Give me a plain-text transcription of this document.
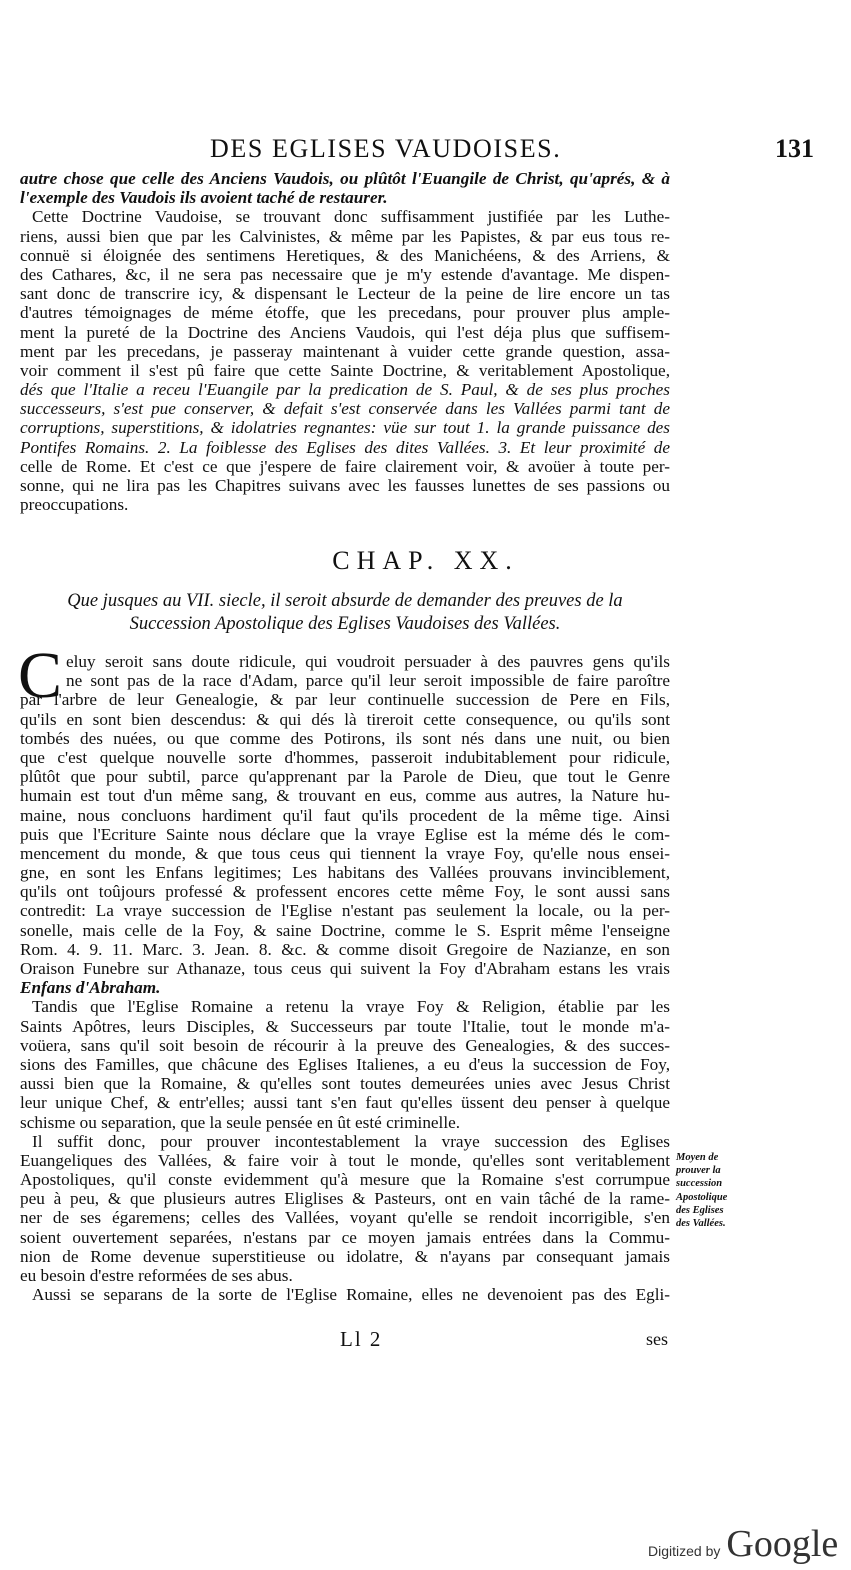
DES EGLISES VAUDOISES.	131
autre chose que celle des Anciens Vaudois, ou plûtôt l'Euangile de Christ, qu'aprés, & à
l'exemple des Vaudois ils avoient taché de restaurer.
Cette Doctrine Vaudoise, se trouvant donc suffisamment justifiée par les Luthe-
riens, aussi bien que par les Calvinistes, & même par les Papistes, & par eus tous re-
connuë si éloignée des sentimens Heretiques, & des Manichéens, & des Arriens, &
des Cathares, &c, il ne sera pas necessaire que je m'y estende d'avantage. Me dispen-
sant donc de transcrire icy, & dispensant le Lecteur de la peine de lire encore un tas
d'autres témoignages de méme étoffe, que les precedans, pour prouver plus ample-
ment la pureté de la Doctrine des Anciens Vaudois, qui l'est déja plus que suffisem-
ment par les precedans, je passeray maintenant à vuider cette grande question, assa-
voir comment il s'est pû faire que cette Sainte Doctrine, & veritablement Apostolique,
dés que l'Italie a receu l'Euangile par la predication de S. Paul, & de ses plus proches
successeurs, s'est pue conserver, & defait s'est conservée dans les Vallées parmi tant de
corruptions, superstitions, & idolatries regnantes: vüe sur tout 1. la grande puissance des
Pontifes Romains. 2. La foiblesse des Eglises des dites Vallées. 3. Et leur proximité de
celle de Rome. Et c'est ce que j'espere de faire clairement voir, & avoüer à toute per-
sonne, qui ne lira pas les Chapitres suivans avec les fausses lunettes de ses passions ou
preoccupations.
CHAP. XX.
Que jusques au VII. siecle, il seroit absurde de demander des preuves de la
Succession Apostolique des Eglises Vaudoises des Vallées.
C eluy seroit sans doute ridicule, qui voudroit persuader à des pauvres gens qu'ils
ne sont pas de la race d'Adam, parce qu'il leur seroit impossible de faire paroître
par l'arbre de leur Genealogie, & par leur continuelle succession de Pere en Fils,
qu'ils en sont bien descendus: & qui dés là tireroit cette consequence, ou qu'ils sont
tombés des nuées, ou que comme des Potirons, ils sont nés dans une nuit, ou bien
que c'est quelque nouvelle sorte d'hommes, passeroit indubitablement pour ridicule,
plûtôt que pour subtil, parce qu'apprenant par la Parole de Dieu, que tout le Genre
humain est tout d'un même sang, & trouvant en eus, comme aus autres, la Nature hu-
maine, nous concluons hardiment qu'il faut qu'ils procedent de la même tige. Ainsi
puis que l'Ecriture Sainte nous déclare que la vraye Eglise est la méme dés le com-
mencement du monde, & que tous ceus qui tiennent la vraye Foy, qu'elle nous ensei-
gne, en sont les Enfans legitimes; Les habitans des Vallées prouvans invinciblement,
qu'ils ont toûjours professé & professent encores cette même Foy, le sont aussi sans
contredit: La vraye succession de l'Eglise n'estant pas seulement la locale, ou la per-
sonelle, mais celle de la Foy, & saine Doctrine, comme le S. Esprit même l'enseigne
Rom. 4. 9. 11. Marc. 3. Jean. 8. &c. & comme disoit Gregoire de Nazianze, en son
Oraison Funebre sur Athanaze, tous ceus qui suivent la Foy d'Abraham estans les vrais
Enfans d'Abraham.
Tandis que l'Eglise Romaine a retenu la vraye Foy & Religion, établie par les
Saints Apôtres, leurs Disciples, & Successeurs par toute l'Italie, tout le monde m'a-
voüera, sans qu'il soit besoin de récourir à la preuve des Genealogies, & des succes-
sions des Familles, que châcune des Eglises Italienes, a eu d'eus la succession de Foy,
aussi bien que la Romaine, & qu'elles sont toutes demeurées unies avec Jesus Christ
leur unique Chef, & entr'elles; aussi tant s'en faut qu'elles üssent deu penser à quelque
schisme ou separation, que la seule pensée en ût esté criminelle.
Il suffit donc, pour prouver incontestablement la vraye succession des Eglises
Euangeliques des Vallées, & faire voir à tout le monde, qu'elles sont veritablement
Apostoliques, qu'il conste evidemment qu'à mesure que la Romaine s'est corrumpue
peu à peu, & que plusieurs autres Eliglises & Pasteurs, ont en vain tâché de la rame-
ner de ses égaremens; celles des Vallées, voyant qu'elle se rendoit incorrigible, s'en
soient ouvertement separées, n'estans par ce moyen jamais entrées dans la Commu-
nion de Rome devenue superstitieuse ou idolatre, & n'ayans par consequant jamais
eu besoin d'estre reformées de ses abus.
Aussi se separans de la sorte de l'Eglise Romaine, elles ne devenoient pas des Egli-
Moyen de
prouver la
succession
Apostolique
des Eglises
des Vallées.
Ll 2	ses
Digitized by Google
